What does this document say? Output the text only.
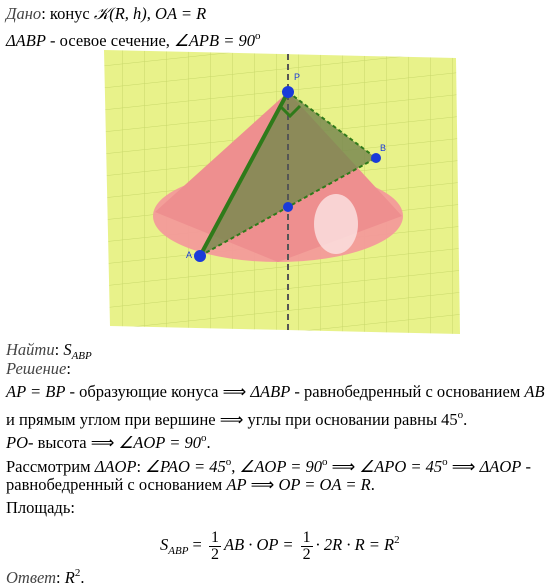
Дано: конус 𝒦(R, h), OA = R
ΔABP - осевое сечение, ∠APB = $90^o$
P
B
A
Найти: $S_{ABP}$
Решение:
AP = BP - образующие конуса ⟹ ΔABP - равнобедренный с основанием AB
и прямым углом при вершине ⟹ углы при основании равны 45$^o$.
PO- высота ⟹ ∠AOP = $90^o$.
Рассмотрим ΔAOP: ∠PAO = $45^o$, ∠AOP = $90^o$ ⟹ ∠APO = $45^o$ ⟹ ΔAOP -
равнобедренный с основанием AP ⟹ OP = OA = R.
Площадь:
$S_{ABP} = \frac{1}{2}$ AB · OP = $\frac{1}{2} \cdot 2R \cdot R = R^2$
Ответ: $R^2$.
